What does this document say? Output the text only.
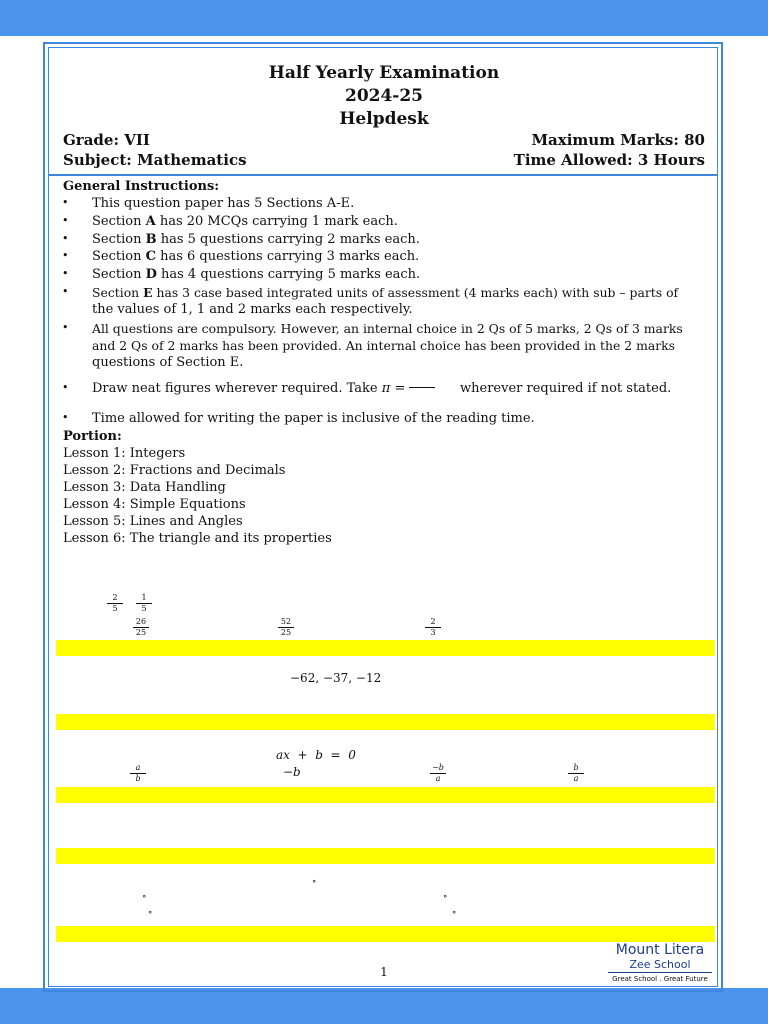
Half Yearly Examination
2024-25
Helpdesk
Grade: VII	Maximum Marks: 80
Subject: Mathematics	Time Allowed: 3 Hours
General Instructions:
• This question paper has 5 Sections A-E.
• Section A has 20 MCQs carrying 1 mark each.
• Section B has 5 questions carrying 2 marks each.
• Section C has 6 questions carrying 3 marks each.
• Section D has 4 questions carrying 5 marks each.
• Section E has 3 case based integrated units of assessment (4 marks each) with sub – parts of
the values of 1, 1 and 2 marks each respectively.
• All questions are compulsory. However, an internal choice in 2 Qs of 5 marks, 2 Qs of 3 marks
and 2 Qs of 2 marks has been provided. An internal choice has been provided in the 2 marks
questions of Section E.
• Draw neat figures wherever required. Take π =	wherever required if not stated.
• Time allowed for writing the paper is inclusive of the reading time.
Portion:
Lesson 1: Integers
Lesson 2: Fractions and Decimals
Lesson 3: Data Handling
Lesson 4: Simple Equations
Lesson 5: Lines and Angles
Lesson 6: The triangle and its properties
2
5
1
5
26
25
52
25
2
3
−62, −37, −12
ax  +  b  =  0
−b
a
b
−b
a
b
a
∘
∘	∘
∘	∘
1
Mount Litera
Zee School
Great School . Great Future
